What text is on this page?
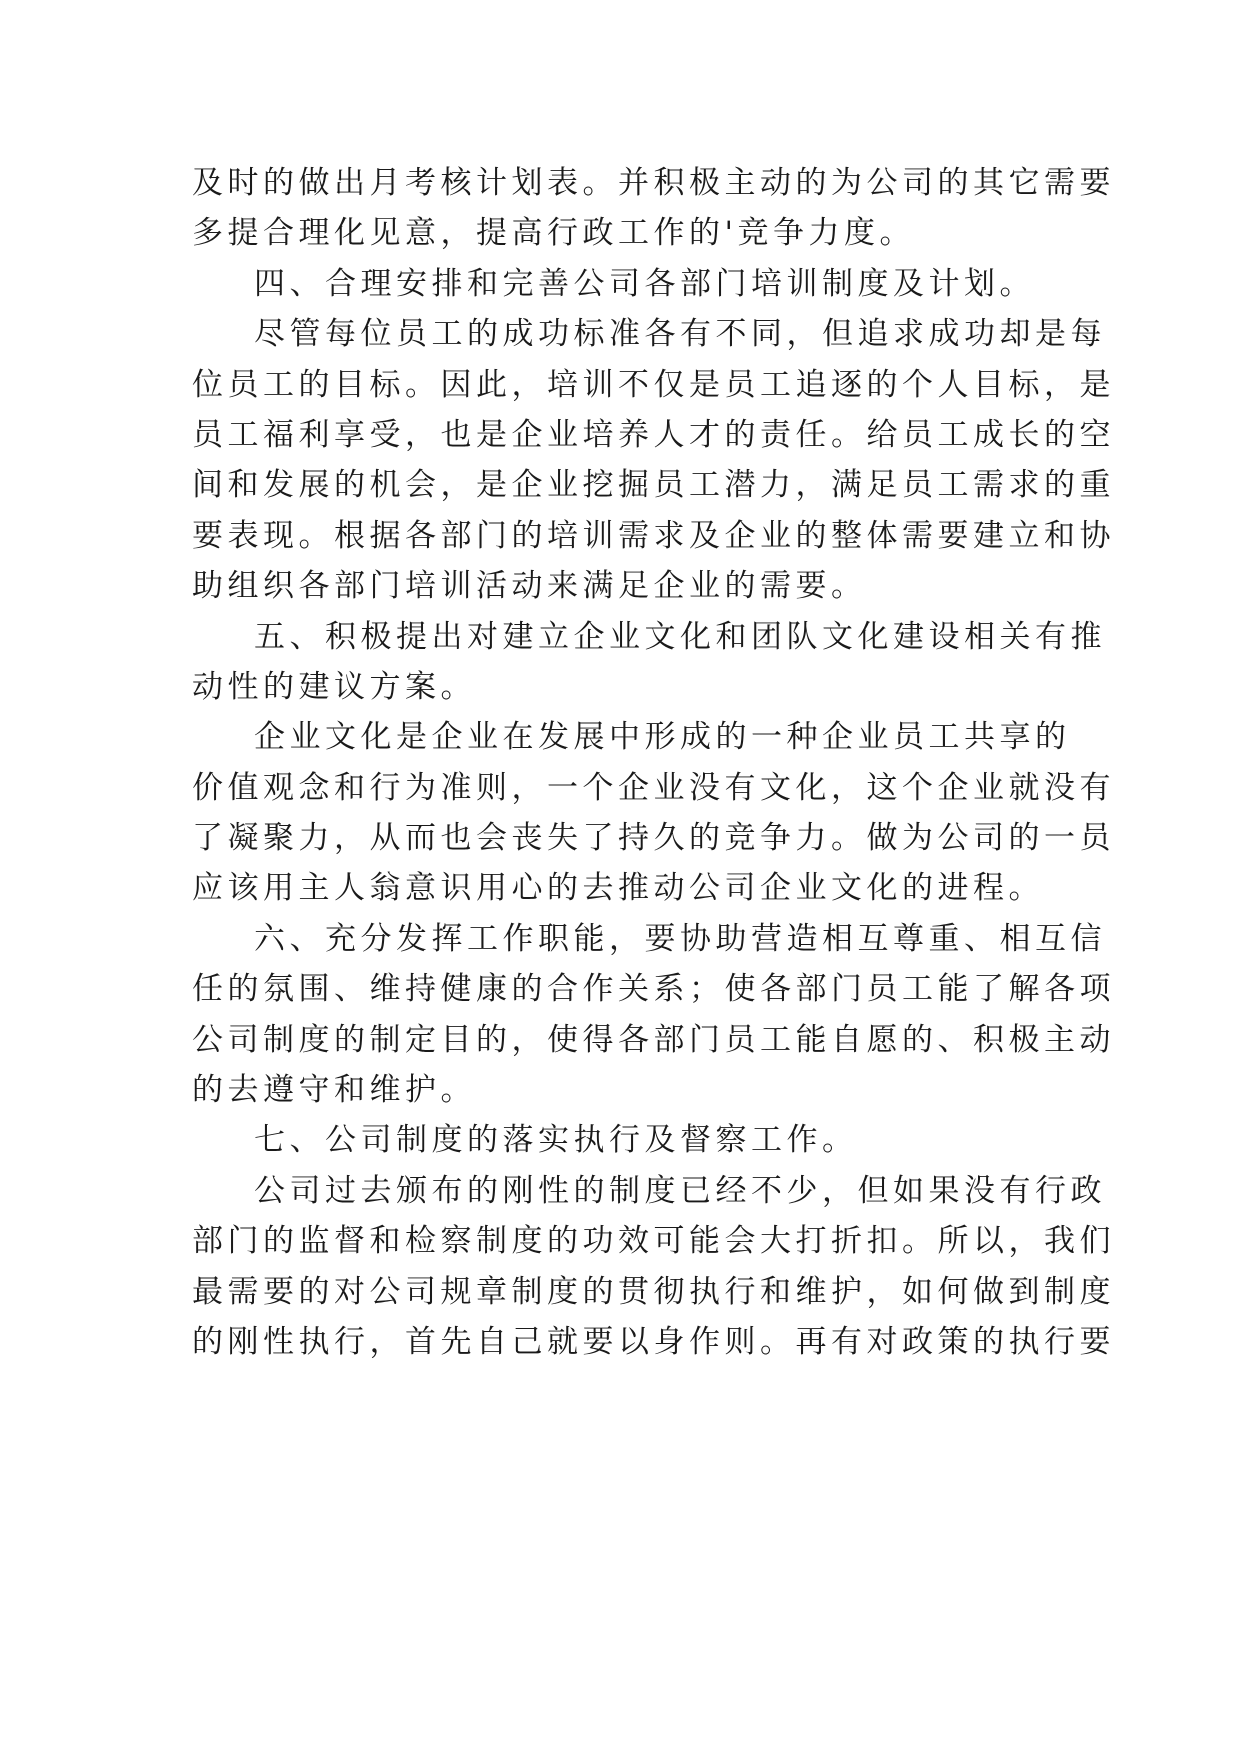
及时的做出月考核计划表。并积极主动的为公司的其它需要
多提合理化见意，提高行政工作的'竞争力度。
四、合理安排和完善公司各部门培训制度及计划。
尽管每位员工的成功标准各有不同，但追求成功却是每
位员工的目标。因此，培训不仅是员工追逐的个人目标，是
员工福利享受，也是企业培养人才的责任。给员工成长的空
间和发展的机会，是企业挖掘员工潜力，满足员工需求的重
要表现。根据各部门的培训需求及企业的整体需要建立和协
助组织各部门培训活动来满足企业的需要。
五、积极提出对建立企业文化和团队文化建设相关有推
动性的建议方案。
企业文化是企业在发展中形成的一种企业员工共享的
价值观念和行为准则，一个企业没有文化，这个企业就没有
了凝聚力，从而也会丧失了持久的竞争力。做为公司的一员
应该用主人翁意识用心的去推动公司企业文化的进程。
六、充分发挥工作职能，要协助营造相互尊重、相互信
任的氛围、维持健康的合作关系；使各部门员工能了解各项
公司制度的制定目的，使得各部门员工能自愿的、积极主动
的去遵守和维护。
七、公司制度的落实执行及督察工作。
公司过去颁布的刚性的制度已经不少，但如果没有行政
部门的监督和检察制度的功效可能会大打折扣。所以，我们
最需要的对公司规章制度的贯彻执行和维护，如何做到制度
的刚性执行，首先自己就要以身作则。再有对政策的执行要
